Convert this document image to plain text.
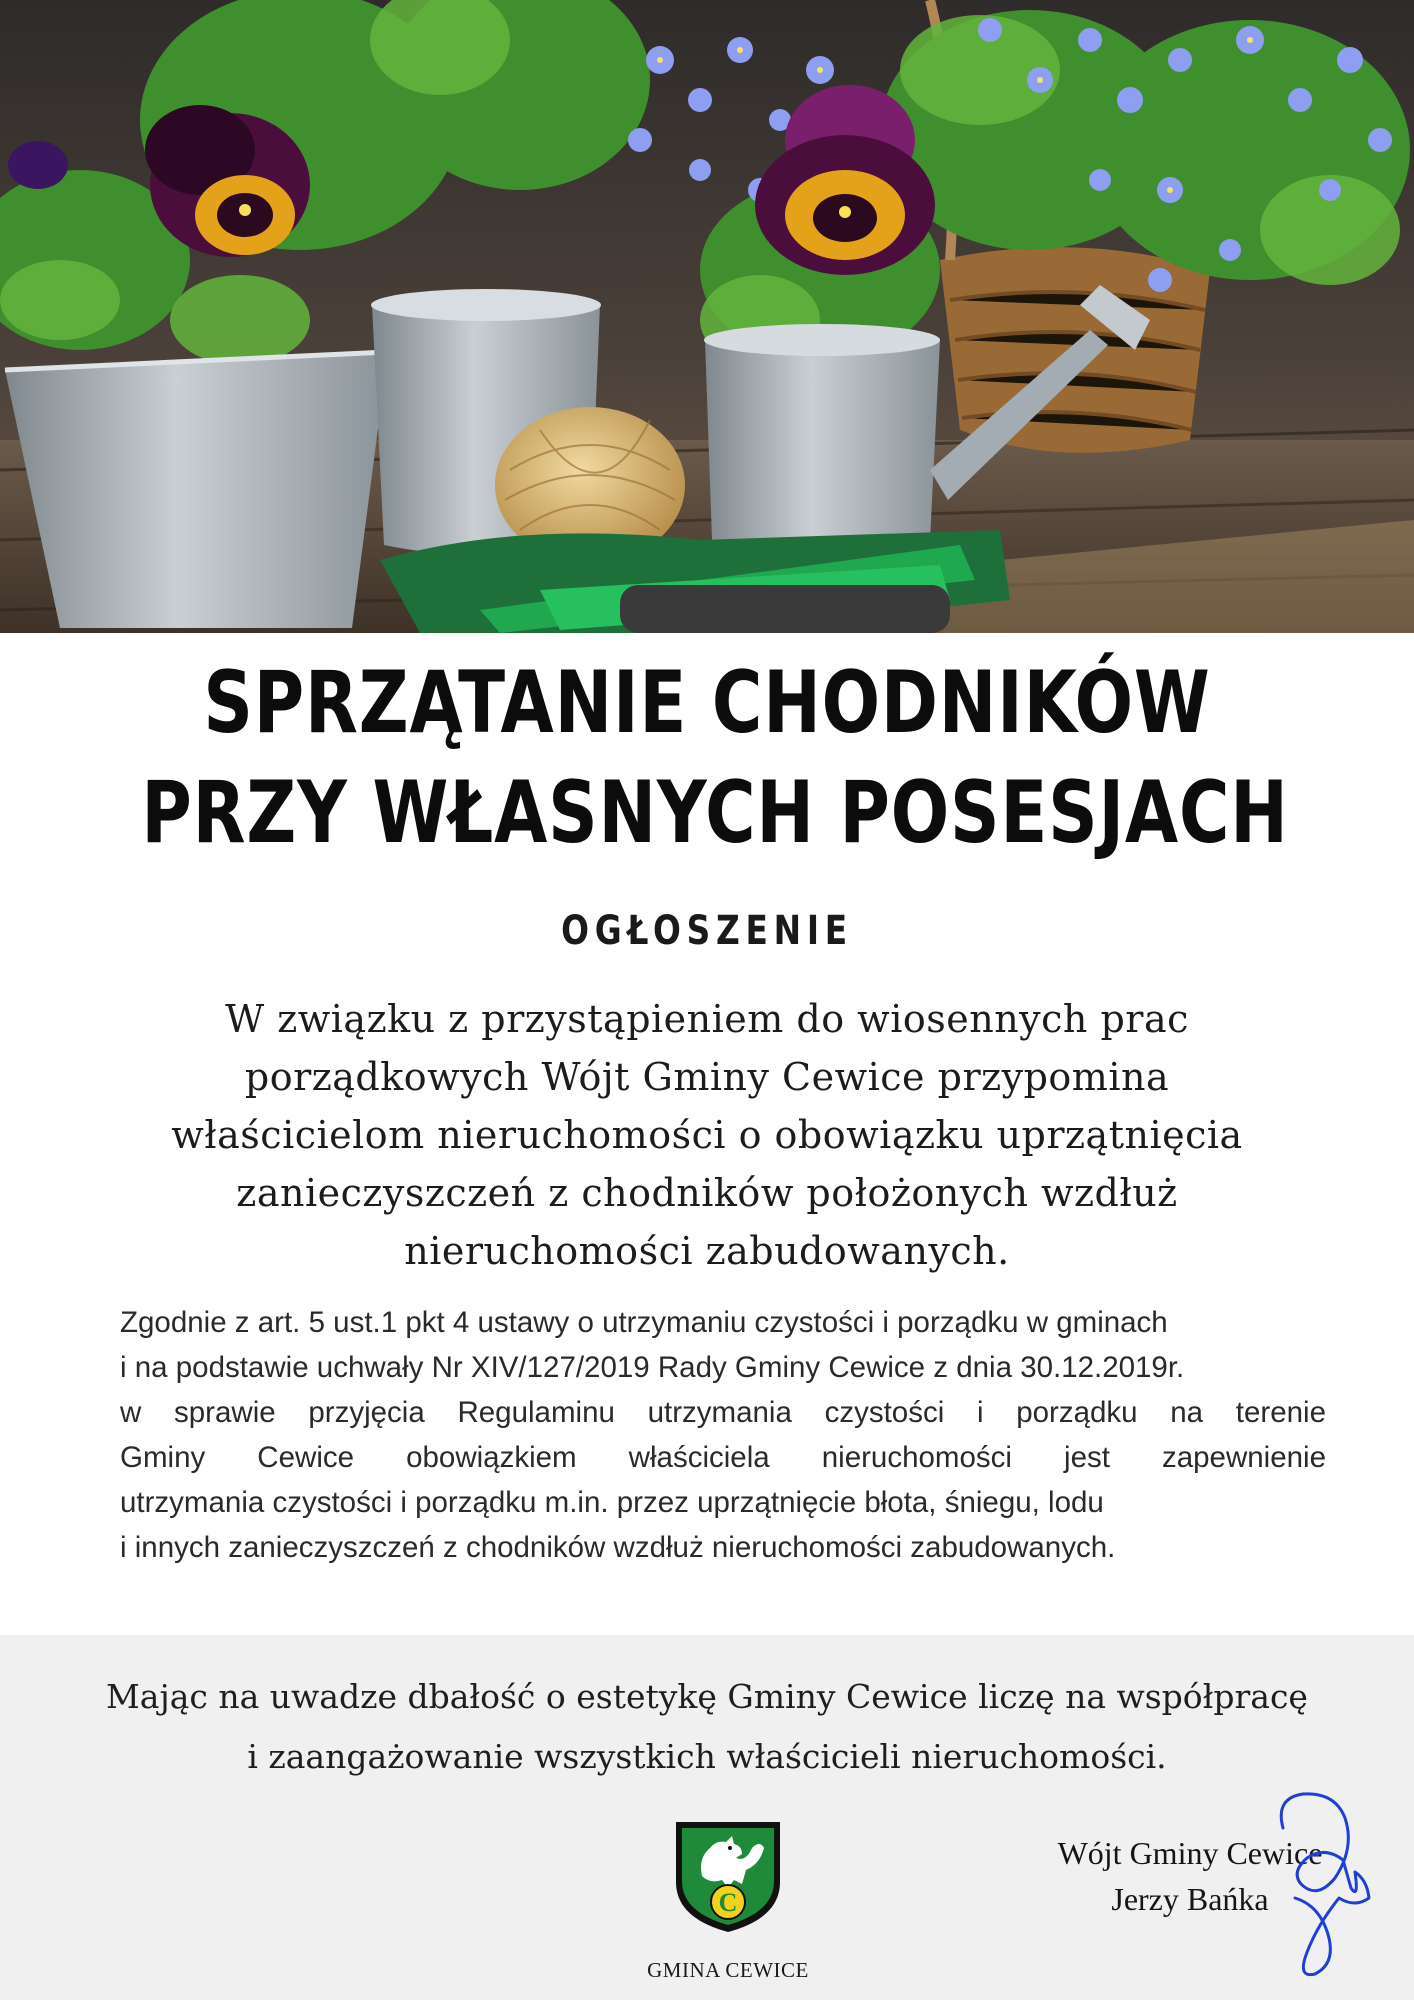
SPRZĄTANIE CHODNIKÓW
PRZY WŁASNYCH POSESJACH
OGŁOSZENIE
W związku z przystąpieniem do wiosennych prac
porządkowych Wójt Gminy Cewice przypomina
właścicielom nieruchomości o obowiązku uprzątnięcia
zanieczyszczeń z chodników położonych wzdłuż
nieruchomości zabudowanych.
Zgodnie z art. 5 ust.1 pkt 4 ustawy o utrzymaniu czystości i porządku w gminach
i na podstawie uchwały Nr XIV/127/2019 Rady Gminy Cewice z dnia 30.12.2019r.
w sprawie przyjęcia Regulaminu utrzymania czystości i porządku na terenie
Gminy Cewice obowiązkiem właściciela nieruchomości jest zapewnienie
utrzymania czystości i porządku m.in. przez uprzątnięcie błota, śniegu, lodu
i innych zanieczyszczeń z chodników wzdłuż nieruchomości zabudowanych.
Mając na uwadze dbałość o estetykę Gminy Cewice liczę na współpracę
i zaangażowanie wszystkich właścicieli nieruchomości.
C
GMINA CEWICE
Wójt Gminy Cewice
Jerzy Bańka
